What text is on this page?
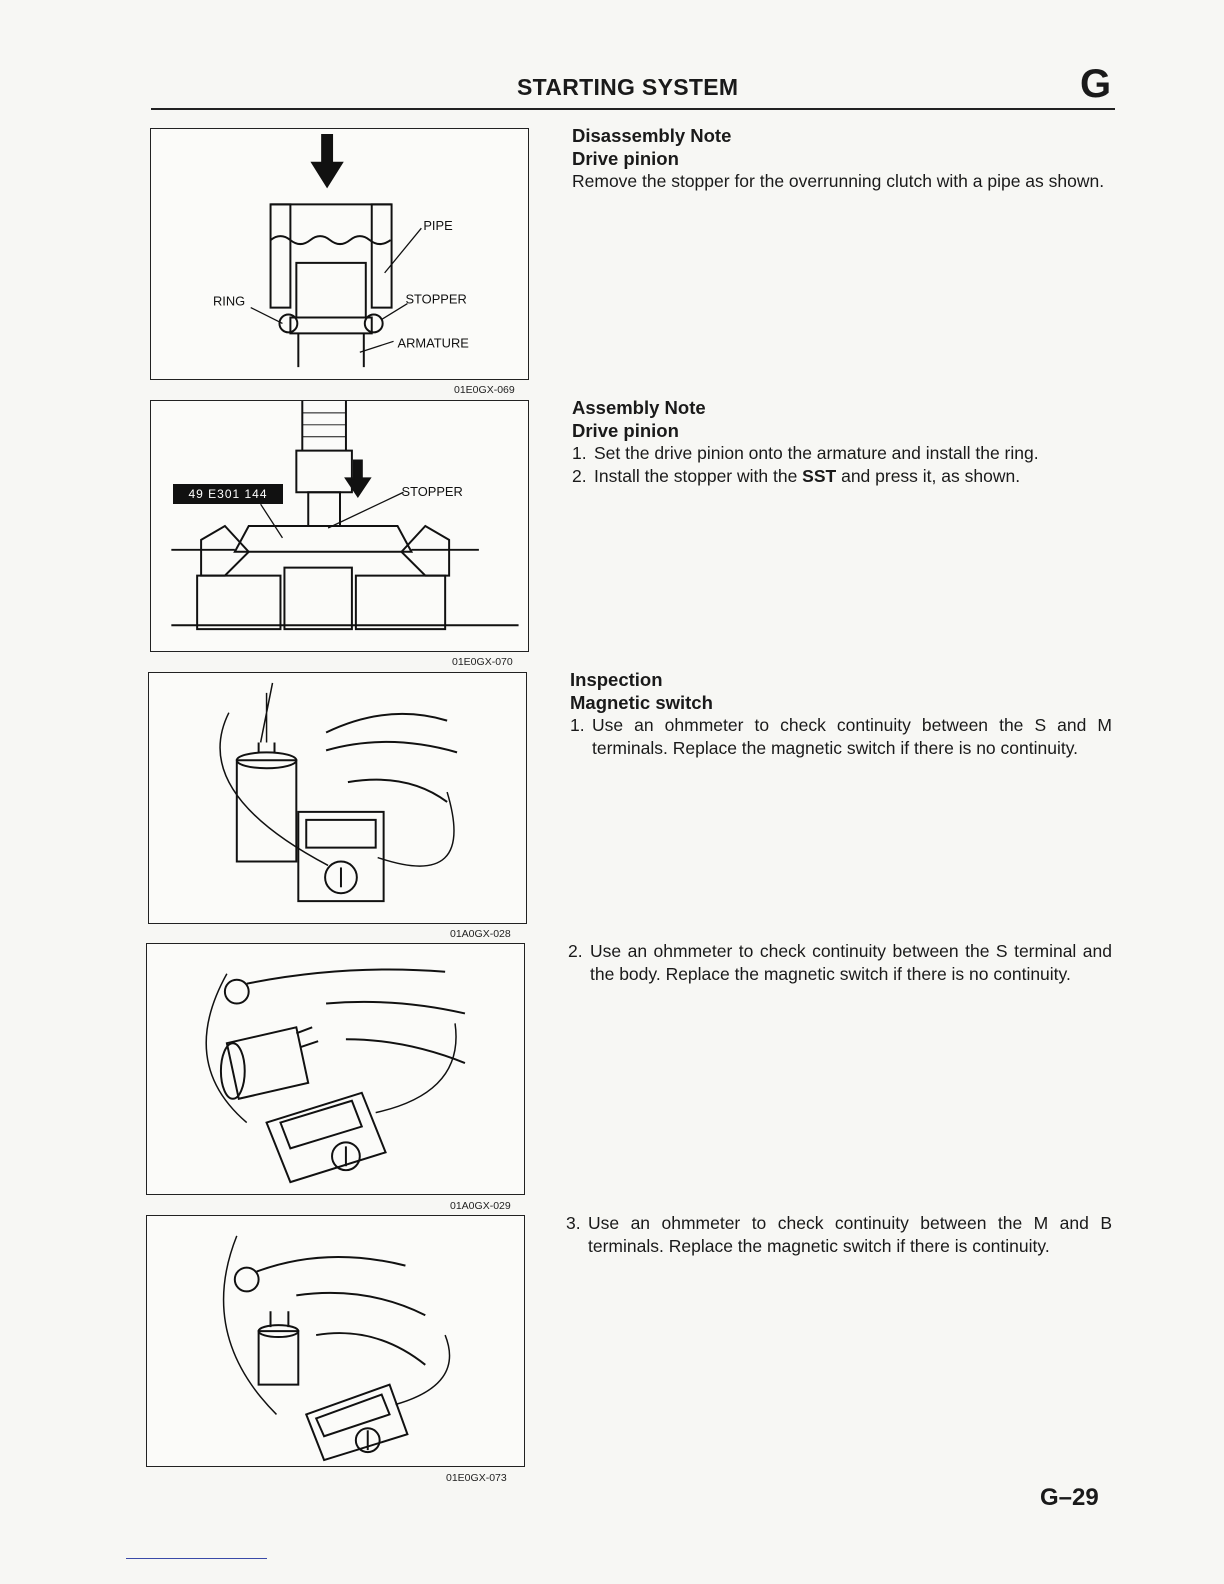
STARTING SYSTEM	G
PIPE
RING	STOPPER
ARMATURE
01E0GX-069
STOPPER
49 E301 144
01E0GX-070
01A0GX-028
01A0GX-029
01E0GX-073
Disassembly Note
Drive pinion
Remove the stopper for the overrunning clutch with a pipe as shown.
Assembly Note
Drive pinion
1. Set the drive pinion onto the armature and install the ring.
2. Install the stopper with the SST and press it, as shown.
Inspection
Magnetic switch
1. Use an ohmmeter to check continuity between the S and M terminals. Replace the magnetic switch if there is no continuity.
2. Use an ohmmeter to check continuity between the S terminal and the body. Replace the magnetic switch if there is no continuity.
3. Use an ohmmeter to check continuity between the M and B terminals. Replace the magnetic switch if there is continuity.
G–29
